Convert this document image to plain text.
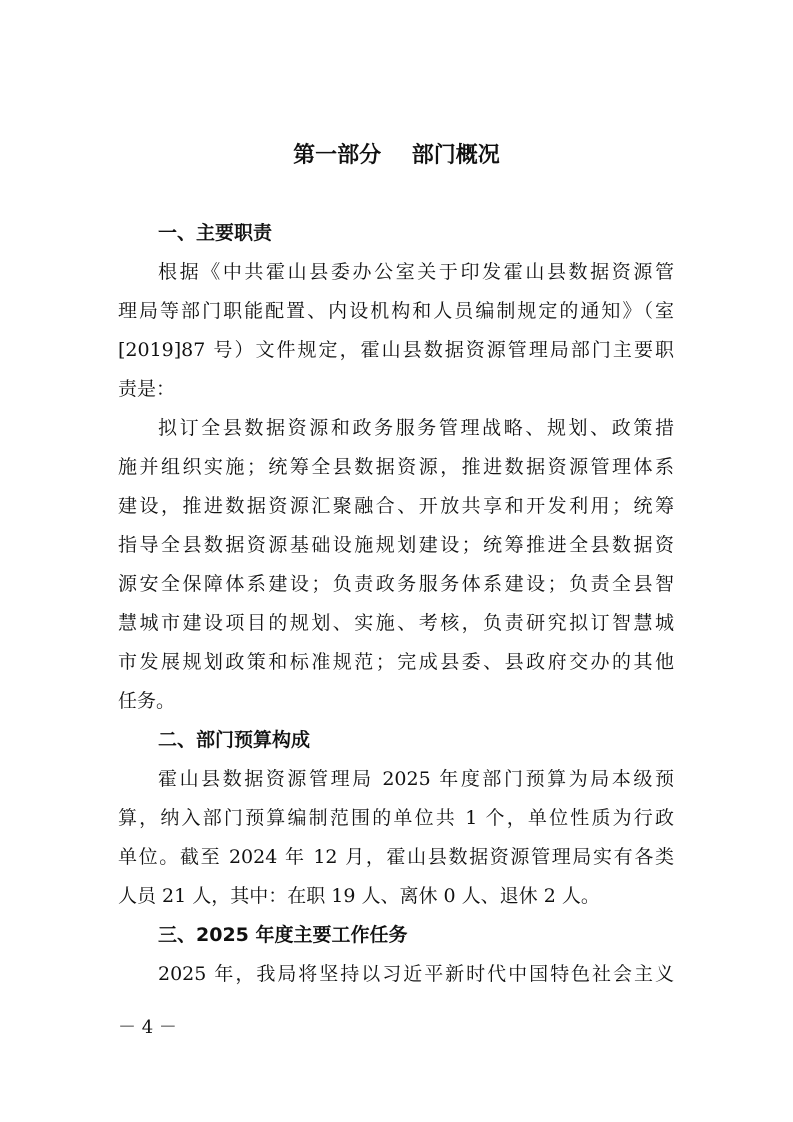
第一部分    部门概况
一、主要职责
根据《中共霍山县委办公室关于印发霍山县数据资源管
理局等部门职能配置、内设机构和人员编制规定的通知》（室
[2019]87 号）文件规定，霍山县数据资源管理局部门主要职
责是：
拟订全县数据资源和政务服务管理战略、规划、政策措
施并组织实施；统筹全县数据资源，推进数据资源管理体系
建设，推进数据资源汇聚融合、开放共享和开发利用；统筹
指导全县数据资源基础设施规划建设；统筹推进全县数据资
源安全保障体系建设；负责政务服务体系建设；负责全县智
慧城市建设项目的规划、实施、考核，负责研究拟订智慧城
市发展规划政策和标准规范；完成县委、县政府交办的其他
任务。
二、部门预算构成
霍山县数据资源管理局 2025 年度部门预算为局本级预
算，纳入部门预算编制范围的单位共 1 个，单位性质为行政
单位。截至 2024 年 12 月，霍山县数据资源管理局实有各类
人员 21 人，其中：在职 19 人、离休 0 人、退休 2 人。
三、2025 年度主要工作任务
2025 年，我局将坚持以习近平新时代中国特色社会主义
－ 4 －
